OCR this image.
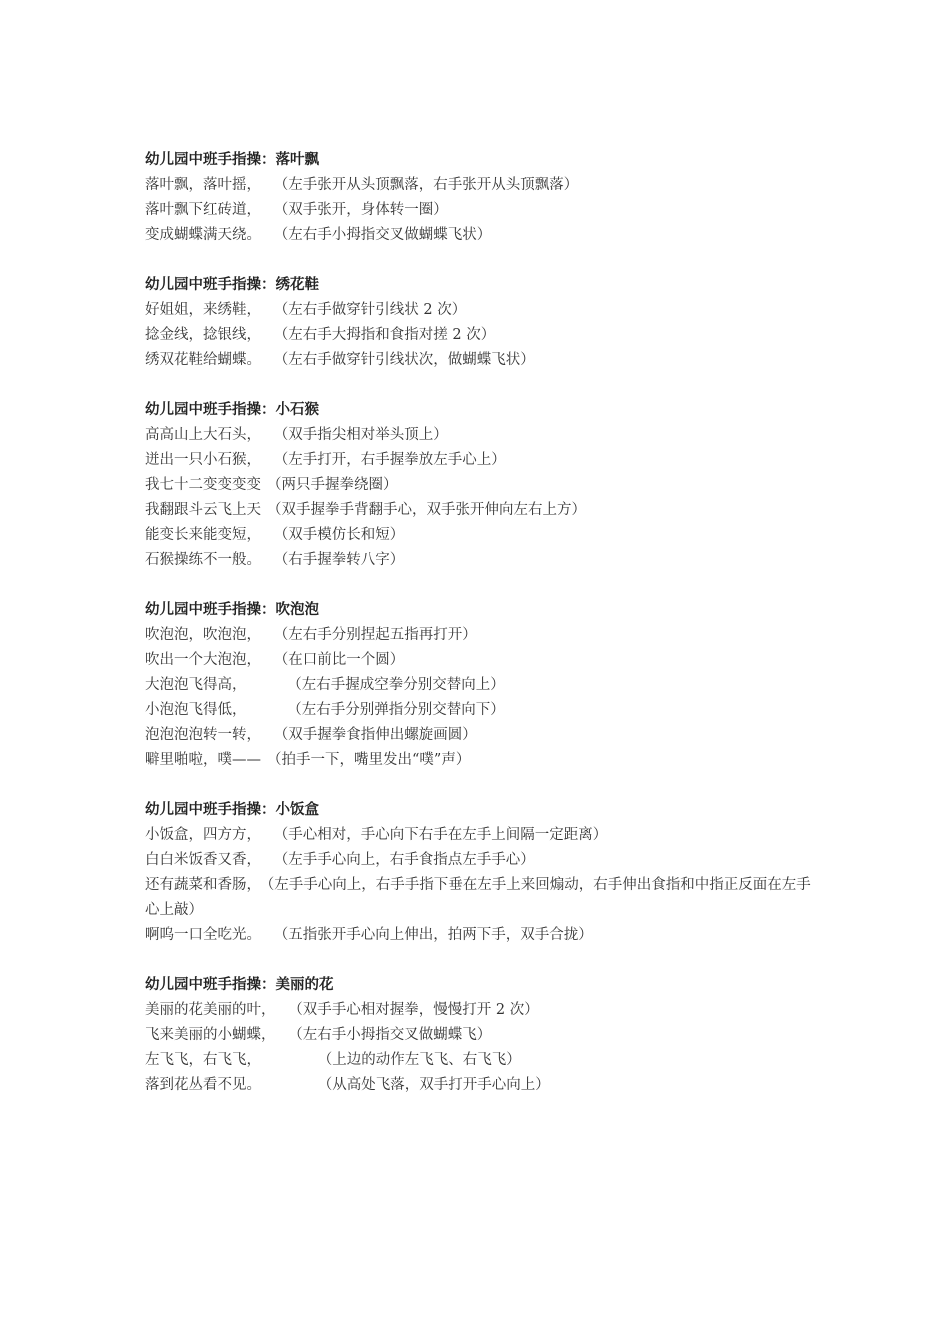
幼儿园中班手指操：落叶飘
落叶飘，落叶摇， （左手张开从头顶飘落，右手张开从头顶飘落）
落叶飘下红砖道， （双手张开，身体转一圈）
变成蝴蝶满天绕。 （左右手小拇指交叉做蝴蝶飞状）
幼儿园中班手指操：绣花鞋
好姐姐，来绣鞋， （左右手做穿针引线状 2 次）
捻金线，捻银线， （左右手大拇指和食指对搓 2 次）
绣双花鞋给蝴蝶。 （左右手做穿针引线状次，做蝴蝶飞状）
幼儿园中班手指操：小石猴
高高山上大石头， （双手指尖相对举头顶上）
迸出一只小石猴， （左手打开，右手握拳放左手心上）
我七十二变变变变 （两只手握拳绕圈）
我翻跟斗云飞上天 （双手握拳手背翻手心，双手张开伸向左右上方）
能变长来能变短， （双手模仿长和短）
石猴操练不一般。 （右手握拳转八字）
幼儿园中班手指操：吹泡泡
吹泡泡，吹泡泡， （左右手分别捏起五指再打开）
吹出一个大泡泡， （在口前比一个圆）
大泡泡飞得高，	（左右手握成空拳分别交替向上）
小泡泡飞得低，	（左右手分别弹指分别交替向下）
泡泡泡泡转一转， （双手握拳食指伸出螺旋画圆）
噼里啪啦，噗—— （拍手一下，嘴里发出“噗”声）
幼儿园中班手指操：小饭盒
小饭盒，四方方， （手心相对，手心向下右手在左手上间隔一定距离）
白白米饭香又香， （左手手心向上，右手食指点左手手心）
还有蔬菜和香肠， （左手手心向上，右手手指下垂在左手上来回煽动，右手伸出食指和中指正反面在左手心上敲）
啊呜一口全吃光。 （五指张开手心向上伸出，拍两下手，双手合拢）
幼儿园中班手指操：美丽的花
美丽的花美丽的叶， （双手手心相对握拳，慢慢打开 2 次）
飞来美丽的小蝴蝶， （左右手小拇指交叉做蝴蝶飞）
左飞飞，右飞飞，	（上边的动作左飞飞、右飞飞）
落到花丛看不见。	（从高处飞落，双手打开手心向上）
